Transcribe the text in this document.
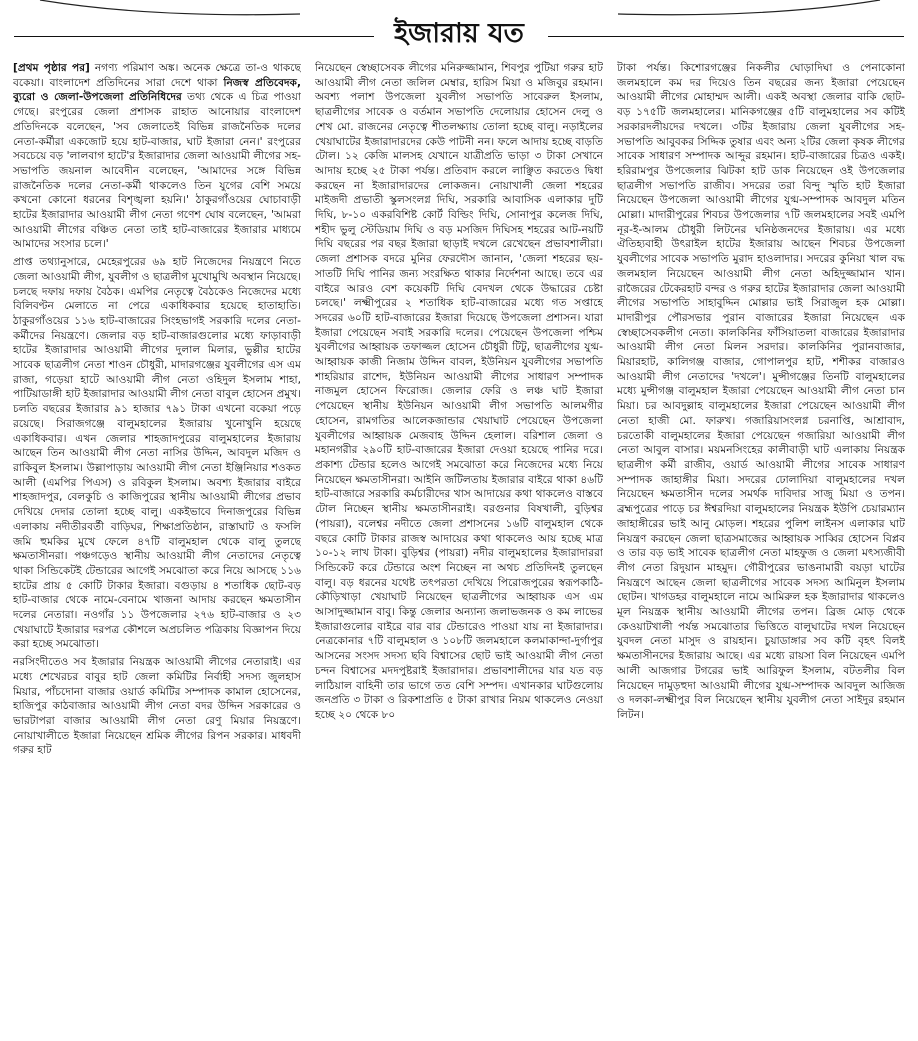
ইজারায় যত

[প্রথম পৃষ্ঠার পর] নগণ্য পরিমাণ অঙ্ক। অনেক ক্ষেত্রে তা-ও থাকছে বকেয়া। বাংলাদেশ প্রতিদিনের সারা দেশে থাকা নিজস্ব প্রতিবেদক, ব্যুরো ও জেলা-উপজেলা প্রতিনিধিদের তথ্য থেকে এ চিত্র পাওয়া গেছে। রংপুরের জেলা প্রশাসক রাহাত আনোয়ার বাংলাদেশ প্রতিদিনকে বলেছেন, 'সব জেলাতেই বিভিন্ন রাজনৈতিক দলের নেতা-কর্মীরা একজোট হয়ে হাট-বাজার, ঘাট ইজারা নেন।' রংপুরের সবচেয়ে বড় 'লালবাগ হাটে'র ইজারাদার জেলা আওয়ামী লীগের সহ-সভাপতি জয়নাল আবেদীন বলেছেন, 'আমাদের সঙ্গে বিভিন্ন রাজনৈতিক দলের নেতা-কর্মী থাকলেও তিন যুগের বেশি সময়ে কখনো কোনো ধরনের বিশৃঙ্খলা হয়নি।' ঠাকুরগাঁওয়ের ঘোচাবাড়ী হাটের ইজারাদার আওয়ামী লীগ নেতা গণেশ ঘোষ বলেছেন, 'আমরা আওয়ামী লীগের বঞ্চিত নেতা তাই হাট-বাজারের ইজারার মাধ্যমে আমাদের সংসার চলে।'

প্রাপ্ত তথ্যানুসারে, মেহেরপুরের ৬৯ হাট নিজেদের নিয়ন্ত্রণে নিতে জেলা আওয়ামী লীগ, যুবলীগ ও ছাত্রলীগ মুখোমুখি অবস্থান নিয়েছে। চলছে দফায় দফায় বৈঠক। এমপির নেতৃত্বে বৈঠকেও নিজেদের মধ্যে বিলিবণ্টন মেলাতে না পেরে একাধিকবার হয়েছে হাতাহাতি। ঠাকুরগাঁওয়ের ১১৬ হাট-বাজারের সিংহভাগই সরকারি দলের নেতা-কর্মীদের নিয়ন্ত্রণে। জেলার বড় হাট-বাজারগুলোর মধ্যে ফাড়াবাড়ী হাটের ইজারাদার আওয়ামী লীগের দুলাল মিলার, ভুল্লীর হাটের সাবেক ছাত্রলীগ নেতা শাওন চৌধুরী, মাদারগঞ্জের যুবলীগের এস এম রাজা, গড়েয়া হাটে আওয়ামী লীগ নেতা ওহিদুল ইসলাম শাহা, পাটিয়াডাঙ্গী হাট ইজারাদার আওয়ামী লীগ নেতা বাবুল হোসেন প্রমুখ। চলতি বছরের ইজারার ৯১ হাজার ৭৯১ টাকা এখনো বকেয়া পড়ে রয়েছে। সিরাজগঞ্জে বালুমহালের ইজারায় খুনোখুনি হয়েছে একাধিকবার। এখন জেলার শাহজাদপুরের বালুমহালের ইজারায় আছেন তিন আওয়ামী লীগ নেতা নাসির উদ্দিন, আবদুল মজিদ ও রাকিবুল ইসলাম। উল্লাপাড়ায় আওয়ামী লীগ নেতা ইঞ্জিনিয়ার শওকত আলী (এমপির পিএস) ও রবিকুল ইসলাম। অবশ্য ইজারার বাইরে শাহজাদপুর, বেলকুচি ও কাজিপুরের স্থানীয় আওয়ামী লীগের প্রভাব দেখিয়ে দেদার তোলা হচ্ছে বালু। একইভাবে দিনাজপুরের বিভিন্ন এলাকায় নদীতীরবর্তী বাড়িঘর, শিক্ষাপ্রতিষ্ঠান, রাস্তাঘাট ও ফসলি জমি হুমকির মুখে ফেলে ৪৭টি বালুমহাল থেকে বালু তুলছে ক্ষমতাসীনরা। পঞ্চগড়েও স্থানীয় আওয়ামী লীগ নেতাদের নেতৃত্বে থাকা সিন্ডিকেটই টেন্ডারের আগেই সমঝোতা করে নিয়ে আসছে ১১৬ হাটের প্রায় ৫ কোটি টাকার ইজারা। বগুড়ায় ৪ শতাধিক ছোট-বড় হাট-বাজার থেকে নামে-বেনামে খাজনা আদায় করছেন ক্ষমতাসীন দলের নেতারা। নওগাঁর ১১ উপজেলার ২৭৬ হাট-বাজার ও ২৩ খেয়াঘাটে ইজারার দরপত্র কৌশলে অপ্রচলিত পত্রিকায় বিজ্ঞাপন দিয়ে করা হচ্ছে সমঝোতা।

নরসিংদীতেও সব ইজারার নিয়ন্ত্রক আওয়ামী লীগের নেতারাই। এর মধ্যে শেখেরচর বাবুর হাট জেলা কমিটির নির্বাহী সদস্য জুলহাস মিয়ার, পাঁচদোনা বাজার ওয়ার্ড কমিটির সম্পাদক কামাল হোসেনের, হাজিপুর কাঠবাজার আওয়ামী লীগ নেতা বদর উদ্দিন সরকারের ও ভারটাপরা বাজার আওয়ামী লীগ নেতা রেণু মিয়ার নিয়ন্ত্রণে। নোয়াখালীতে ইজারা নিয়েছেন শ্রমিক লীগের রিপন সরকার। মাধবদী গরুর হাট

নিয়েছেন স্বেচ্ছাসেবক লীগের মনিরুজ্জামান, শিবপুর পুটিয়া গরুর হাট আওয়ামী লীগ নেতা জলিল মেম্বার, হারিস মিয়া ও মজিবুর রহমান। অবশ্য পলাশ উপজেলা যুবলীগ সভাপতি সাবেরুল ইসলাম, ছাত্রলীগের সাবেক ও বর্তমান সভাপতি দেলোয়ার হোসেন দেলু ও শেখ মো. রাজনের নেতৃত্বে শীতলক্ষ্যায় তোলা হচ্ছে বালু। নড়াইলের খেয়াঘাটের ইজারাদারদের কেউ পাটনী নন। ফলে আদায় হচ্ছে বাড়তি টোল। ১২ কেজি মালসহ যেখানে যাত্রীপ্রতি ভাড়া ৩ টাকা সেখানে আদায় হচ্ছে ২৫ টাকা পর্যন্ত। প্রতিবাদ করলে লাঞ্ছিত করতেও দ্বিধা করছেন না ইজারাদারদের লোকজন। নোয়াখালী জেলা শহরের মাইজদী প্রভাতী স্কুলসংলগ্ন দিঘি, সরকারি আবাসিক এলাকার দুটি দিঘি, ৮-১০ একরবিশিষ্ট কোর্ট বিল্ডিং দিঘি, সোনাপুর কলেজ দিঘি, শহীদ ভুলু স্টেডিয়াম দিঘি ও বড় মসজিদ দিঘিসহ শহরের আট-নয়টি দিঘি বছরের পর বছর ইজারা ছাড়াই দখলে রেখেছেন প্রভাবশালীরা। জেলা প্রশাসক বদরে মুনির ফেরদৌস জানান, 'জেলা শহরের ছয়-সাতটি দিঘি পানির জন্য সংরক্ষিত থাকার নির্দেশনা আছে। তবে এর বাইরে আরও বেশ কয়েকটি দিঘি বেদখল থেকে উদ্ধারের চেষ্টা চলছে।' লক্ষ্মীপুরের ২ শতাধিক হাট-বাজারের মধ্যে গত সপ্তাহে সদরের ৬০টি হাট-বাজারের ইজারা দিয়েছে উপজেলা প্রশাসন। যারা ইজারা পেয়েছেন সবাই সরকারি দলের। পেয়েছেন উপজেলা পশ্চিম যুবলীগের আহ্বায়ক তফাজ্জল হোসেন চৌধুরী টিটু, ছাত্রলীগের যুগ্ম-আহ্বায়ক কাজী নিজাম উদ্দিন বাবল, ইউনিয়ন যুবলীগের সভাপতি শাহরিয়ার রাশেদ, ইউনিয়ন আওয়ামী লীগের সাধারণ সম্পাদক নাজমুল হোসেন ফিরোজ। জেলার ফেরি ও লঞ্চ ঘাট ইজারা পেয়েছেন স্থানীয় ইউনিয়ন আওয়ামী লীগ সভাপতি আলমগীর হোসেন, রামগতির আলেকজান্ডার খেয়াঘাট পেয়েছেন উপজেলা যুবলীগের আহ্বায়ক মেজবাহ উদ্দিন হেলাল। বরিশাল জেলা ও মহানগরীর ২৯০টি হাট-বাজারের ইজারা দেওয়া হয়েছে পানির দরে। প্রকাশ্য টেন্ডার হলেও আগেই সমঝোতা করে নিজেদের মধ্যে নিয়ে নিয়েছেন ক্ষমতাসীনরা। আইনি জটিলতায় ইজারার বাইরে থাকা ৪৬টি হাট-বাজারে সরকারি কর্মচারীদের খাস আদায়ের কথা থাকলেও বাস্তবে টোল নিচ্ছেন স্থানীয় ক্ষমতাসীনরাই। বরগুনার বিষখালী, বুড়িশ্বর (পায়রা), বলেশ্বর নদীতে জেলা প্রশাসনের ১৬টি বালুমহাল থেকে বছরে কোটি টাকার রাজস্ব আদায়ের কথা থাকলেও আয় হচ্ছে মাত্র ১০-১২ লাখ টাকা। বুড়িশ্বর (পায়রা) নদীর বালুমহালের ইজারাদাররা সিন্ডিকেট করে টেন্ডারে অংশ নিচ্ছেন না অথচ প্রতিদিনই তুলছেন বালু। বড় ধরনের যথেষ্ট তৎপরতা দেখিয়ে পিরোজপুরের স্বরূপকাঠি-কৌড়িখাড়া খেয়াঘাট নিয়েছেন ছাত্রলীগের আহ্বায়ক এস এম আসাদুজ্জামান বাবু। কিন্তু জেলার অন্যান্য জলাভজনক ও কম লাভের ইজারাগুলোর বাইরে বার বার টেন্ডারেও পাওয়া যায় না ইজারাদার। নেত্রকোনার ৭টি বালুমহাল ও ১০৮টি জলমহালে কলমাকান্দা-দুর্গাপুর আসনের সংসদ সদস্য ছবি বিশ্বাসের ছোট ভাই আওয়ামী লীগ নেতা চন্দন বিশ্বাসের মদদপুষ্টরাই ইজারাদার। প্রভাবশালীদের যার যত বড় লাঠিয়াল বাহিনী তার ভাগে তত বেশি সম্পদ। এখানকার ঘাটগুলোয় জনপ্রতি ৩ টাকা ও রিকশাপ্রতি ৫ টাকা রাখার নিয়ম থাকলেও নেওয়া হচ্ছে ২০ থেকে ৮০

টাকা পর্যন্ত। কিশোরগঞ্জের নিকলীর ঘোড়াদিঘা ও পেনাকোনা জলমহালে কম দর দিয়েও তিন বছরের জন্য ইজারা পেয়েছেন আওয়ামী লীগের মোহাম্মদ আলী। একই অবস্থা জেলার বাকি ছোট-বড় ১৭৫টি জলমহালের। মানিকগঞ্জের ৫টি বালুমহালের সব কটিই সরকারদলীয়দের দখলে। ৩টির ইজারায় জেলা যুবলীগের সহ-সভাপতি আবুবকর সিদ্দিক তুষার এবং অন্য ২টির জেলা কৃষক লীগের সাবেক সাধারণ সম্পাদক আব্দুর রহমান। হাট-বাজারের চিত্রও একই। হরিরামপুর উপজেলার ঝিটকা হাট ডাক নিয়েছেন ওই উপজেলার ছাত্রলীগ সভাপতি রাজীব। সদরের তরা বিন্দু স্মৃতি হাট ইজারা নিয়েছেন উপজেলা আওয়ামী লীগের যুগ্ম-সম্পাদক আবদুল মতিন মোল্লা। মাদারীপুরের শিবচর উপজেলার ৭টি জলমহালের সবই এমপি নূর-ই-আলম চৌধুরী লিটনের ঘনিষ্ঠজনদের ইজারায়। এর মধ্যে ঐতিহ্যবাহী উৎরাইল হাটের ইজারায় আছেন শিবচর উপজেলা যুবলীগের সাবেক সভাপতি মুরাদ হাওলাদার। সদরের কুনিয়া খাল বদ্ধ জলমহাল নিয়েছেন আওয়ামী লীগ নেতা অহিদুজ্জামান খান। রাজৈরের টেকেরহাট বন্দর ও গরুর হাটের ইজারাদার জেলা আওয়ামী লীগের সভাপতি সাহাবুদ্দিন মোল্লার ভাই সিরাজুল হক মোল্লা। মাদারীপুর পৌরসভার পুরান বাজারের ইজারা নিয়েছেন এক স্বেচ্ছাসেবকলীগ নেতা। কালকিনির ফাঁসিয়াতলা বাজারের ইজারাদার আওয়ামী লীগ নেতা মিলন সরদার। কালকিনির পুরানবাজার, মিয়ারহাট, কালিগঞ্জ বাজার, গোপালপুর হাট, শশীকর বাজারও আওয়ামী লীগ নেতাদের 'দখলে'। মুন্সীগঞ্জের তিনটি বালুমহালের মধ্যে মুন্সীগঞ্জ বালুমহাল ইজারা পেয়েছেন আওয়ামী লীগ নেতা চান মিয়া। চর আবদুল্লাহ বালুমহালের ইজারা পেয়েছেন আওয়ামী লীগ নেতা হাজী মো. ফারুখ। গজারিয়াসংলগ্ন চরনাপ্তি, আশ্রাবাদ, চরতোকী বালুমহালের ইজারা পেয়েছেন গজারিয়া আওয়ামী লীগ নেতা আবুল বাসার। ময়মনসিংহের কালীবাড়ী ঘাট এলাকায় নিয়ন্ত্রক ছাত্রলীগ কর্মী রাজীব, ওয়ার্ড আওয়ামী লীগের সাবেক সাধারণ সম্পাদক জাহাঙ্গীর মিয়া। সদরের ঢোলাদিয়া বালুমহালের দখল নিয়েছেন ক্ষমতাসীন দলের সমর্থক দাবিদার সাজু মিয়া ও তপন। ব্রহ্মপুত্রের পাড়ে চর ঈশ্বরদিয়া বালুমহালের নিয়ন্ত্রক ইউপি চেয়ারম্যান জাহাঙ্গীরের ভাই আনু মোড়ল। শহরের পুলিশ লাইনস এলাকার ঘাট নিয়ন্ত্রণ করছেন জেলা ছাত্রসমাজের আহ্বায়ক সাব্বির হোসেন বিপ্লব ও তার বড় ভাই সাবেক ছাত্রলীগ নেতা মাহফুজ ও জেলা মৎস্যজীবী লীগ নেতা রিদুয়ান মাহমুদ। গৌরীপুরের ভাঙনামারী বয়ড়া ঘাটের নিয়ন্ত্রণে আছেন জেলা ছাত্রলীগের সাবেক সদস্য আমিনুল ইসলাম ছোটন। খাগডহর বালুমহালে নামে আমিরুল হক ইজারাদার থাকলেও মূল নিয়ন্ত্রক স্থানীয় আওয়ামী লীগের তপন। ব্রিজ মোড় থেকে কেওয়াটখালী পর্যন্ত সমঝোতার ভিত্তিতে বালুঘাটের দখল নিয়েছেন যুবদল নেতা মাসুদ ও রায়হান। চুয়াডাঙ্গার সব কটি বৃহৎ বিলই ক্ষমতাসীনদের ইজারায় আছে। এর মধ্যে রায়সা বিল নিয়েছেন এমপি আলী আজগার টগরের ভাই আরিফুল ইসলাম, বটতলীর বিল নিয়েছেন দামুড়হুদা আওয়ামী লীগের যুগ্ম-সম্পাদক আবদুল আজিজ ও দলকা-লক্ষ্মীপুর বিল নিয়েছেন স্থানীয় যুবলীগ নেতা সাইদুর রহমান লিটন।
